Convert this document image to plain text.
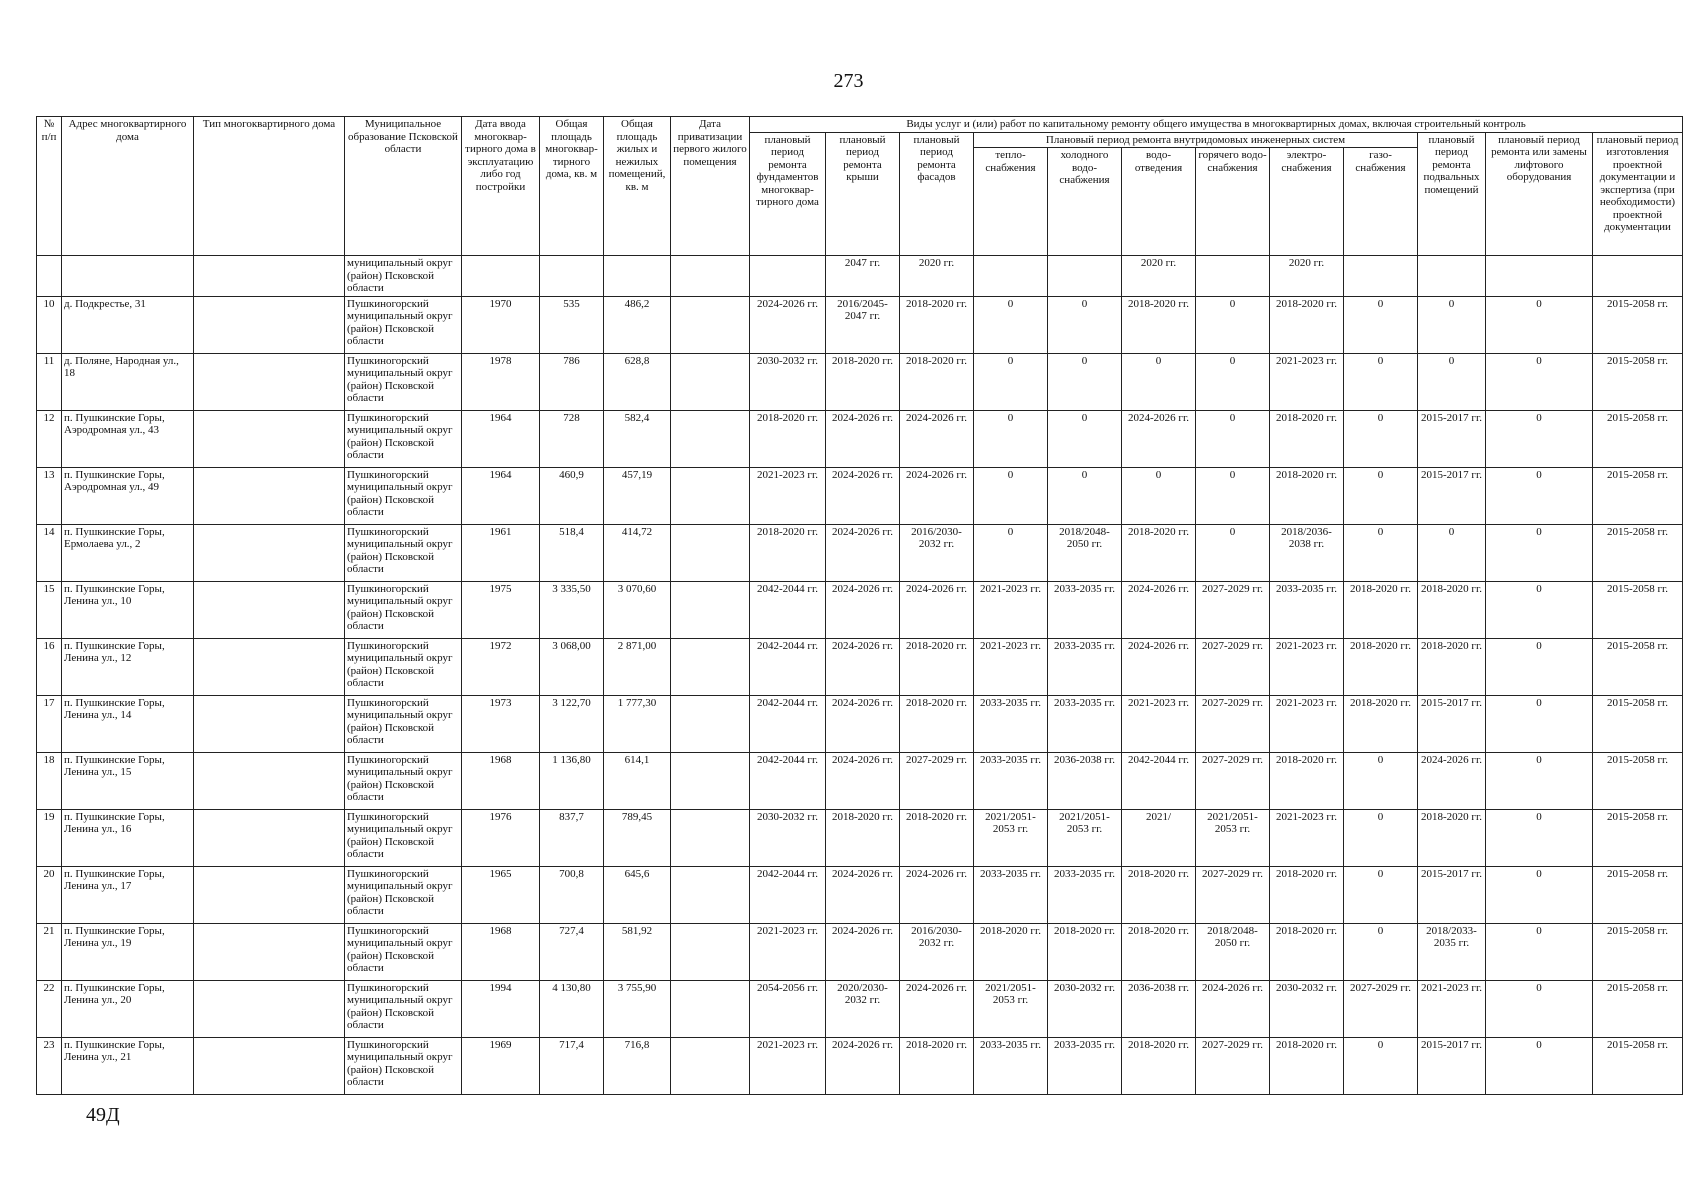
273
№ п/п	Адрес многоквартирного дома	Тип многоквартирного дома	Муниципальное образование Псковской области	Дата ввода многоквар-тирного дома в эксплуатацию либо год постройки	Общая площадь многоквар-тирного дома, кв. м	Общая площадь жилых и нежилых помещений, кв. м	Дата приватизации первого жилого помещения	Виды услуг и (или) работ по капитальному ремонту общего имущества в многоквартирных домах, включая строительный контроль											
								плановый период ремонта фундаментов многоквар-тирного дома	плановый период ремонта крыши	плановый период ремонта фасадов	Плановый период ремонта внутридомовых инженерных систем						плановый период ремонта подвальных помещений	плановый период ремонта или замены лифтового оборудования	плановый период изготовления проектной документации и экспертиза (при необходимости) проектной документации
											тепло-снабжения	холодного водо-снабжения	водо-отведения	горячего водо-снабжения	электро-снабжения	газо-снабжения			
			муниципальный округ (район) Псковской области						2047 гг.	2020 гг.			2020 гг.		2020 гг.				
10	д. Подкрестье, 31		Пушкиногорский муниципальный округ (район) Псковской области	1970	535	486,2		2024-2026 гг.	2016/2045-2047 гг.	2018-2020 гг.	0	0	2018-2020 гг.	0	2018-2020 гг.	0	0	0	2015-2058 гг.
11	д. Поляне, Народная ул., 18		Пушкиногорский муниципальный округ (район) Псковской области	1978	786	628,8		2030-2032 гг.	2018-2020 гг.	2018-2020 гг.	0	0	0	0	2021-2023 гг.	0	0	0	2015-2058 гг.
12	п. Пушкинские Горы, Аэродромная ул., 43		Пушкиногорский муниципальный округ (район) Псковской области	1964	728	582,4		2018-2020 гг.	2024-2026 гг.	2024-2026 гг.	0	0	2024-2026 гг.	0	2018-2020 гг.	0	2015-2017 гг.	0	2015-2058 гг.
13	п. Пушкинские Горы, Аэродромная ул., 49		Пушкиногорский муниципальный округ (район) Псковской области	1964	460,9	457,19		2021-2023 гг.	2024-2026 гг.	2024-2026 гг.	0	0	0	0	2018-2020 гг.	0	2015-2017 гг.	0	2015-2058 гг.
14	п. Пушкинские Горы, Ермолаева ул., 2		Пушкиногорский муниципальный округ (район) Псковской области	1961	518,4	414,72		2018-2020 гг.	2024-2026 гг.	2016/2030-2032 гг.	0	2018/2048-2050 гг.	2018-2020 гг.	0	2018/2036-2038 гг.	0	0	0	2015-2058 гг.
15	п. Пушкинские Горы, Ленина ул., 10		Пушкиногорский муниципальный округ (район) Псковской области	1975	3 335,50	3 070,60		2042-2044 гг.	2024-2026 гг.	2024-2026 гг.	2021-2023 гг.	2033-2035 гг.	2024-2026 гг.	2027-2029 гг.	2033-2035 гг.	2018-2020 гг.	2018-2020 гг.	0	2015-2058 гг.
16	п. Пушкинские Горы, Ленина ул., 12		Пушкиногорский муниципальный округ (район) Псковской области	1972	3 068,00	2 871,00		2042-2044 гг.	2024-2026 гг.	2018-2020 гг.	2021-2023 гг.	2033-2035 гг.	2024-2026 гг.	2027-2029 гг.	2021-2023 гг.	2018-2020 гг.	2018-2020 гг.	0	2015-2058 гг.
17	п. Пушкинские Горы, Ленина ул., 14		Пушкиногорский муниципальный округ (район) Псковской области	1973	3 122,70	1 777,30		2042-2044 гг.	2024-2026 гг.	2018-2020 гг.	2033-2035 гг.	2033-2035 гг.	2021-2023 гг.	2027-2029 гг.	2021-2023 гг.	2018-2020 гг.	2015-2017 гг.	0	2015-2058 гг.
18	п. Пушкинские Горы, Ленина ул., 15		Пушкиногорский муниципальный округ (район) Псковской области	1968	1 136,80	614,1		2042-2044 гг.	2024-2026 гг.	2027-2029 гг.	2033-2035 гг.	2036-2038 гг.	2042-2044 гг.	2027-2029 гг.	2018-2020 гг.	0	2024-2026 гг.	0	2015-2058 гг.
19	п. Пушкинские Горы, Ленина ул., 16		Пушкиногорский муниципальный округ (район) Псковской области	1976	837,7	789,45		2030-2032 гг.	2018-2020 гг.	2018-2020 гг.	2021/2051-2053 гг.	2021/2051-2053 гг.	2021/	2021/2051-2053 гг.	2021-2023 гг.	0	2018-2020 гг.	0	2015-2058 гг.
20	п. Пушкинские Горы, Ленина ул., 17		Пушкиногорский муниципальный округ (район) Псковской области	1965	700,8	645,6		2042-2044 гг.	2024-2026 гг.	2024-2026 гг.	2033-2035 гг.	2033-2035 гг.	2018-2020 гг.	2027-2029 гг.	2018-2020 гг.	0	2015-2017 гг.	0	2015-2058 гг.
21	п. Пушкинские Горы, Ленина ул., 19		Пушкиногорский муниципальный округ (район) Псковской области	1968	727,4	581,92		2021-2023 гг.	2024-2026 гг.	2016/2030-2032 гг.	2018-2020 гг.	2018-2020 гг.	2018-2020 гг.	2018/2048-2050 гг.	2018-2020 гг.	0	2018/2033-2035 гг.	0	2015-2058 гг.
22	п. Пушкинские Горы, Ленина ул., 20		Пушкиногорский муниципальный округ (район) Псковской области	1994	4 130,80	3 755,90		2054-2056 гг.	2020/2030-2032 гг.	2024-2026 гг.	2021/2051-2053 гг.	2030-2032 гг.	2036-2038 гг.	2024-2026 гг.	2030-2032 гг.	2027-2029 гг.	2021-2023 гг.	0	2015-2058 гг.
23	п. Пушкинские Горы, Ленина ул., 21		Пушкиногорский муниципальный округ (район) Псковской области	1969	717,4	716,8		2021-2023 гг.	2024-2026 гг.	2018-2020 гг.	2033-2035 гг.	2033-2035 гг.	2018-2020 гг.	2027-2029 гг.	2018-2020 гг.	0	2015-2017 гг.	0	2015-2058 гг.
49Д
